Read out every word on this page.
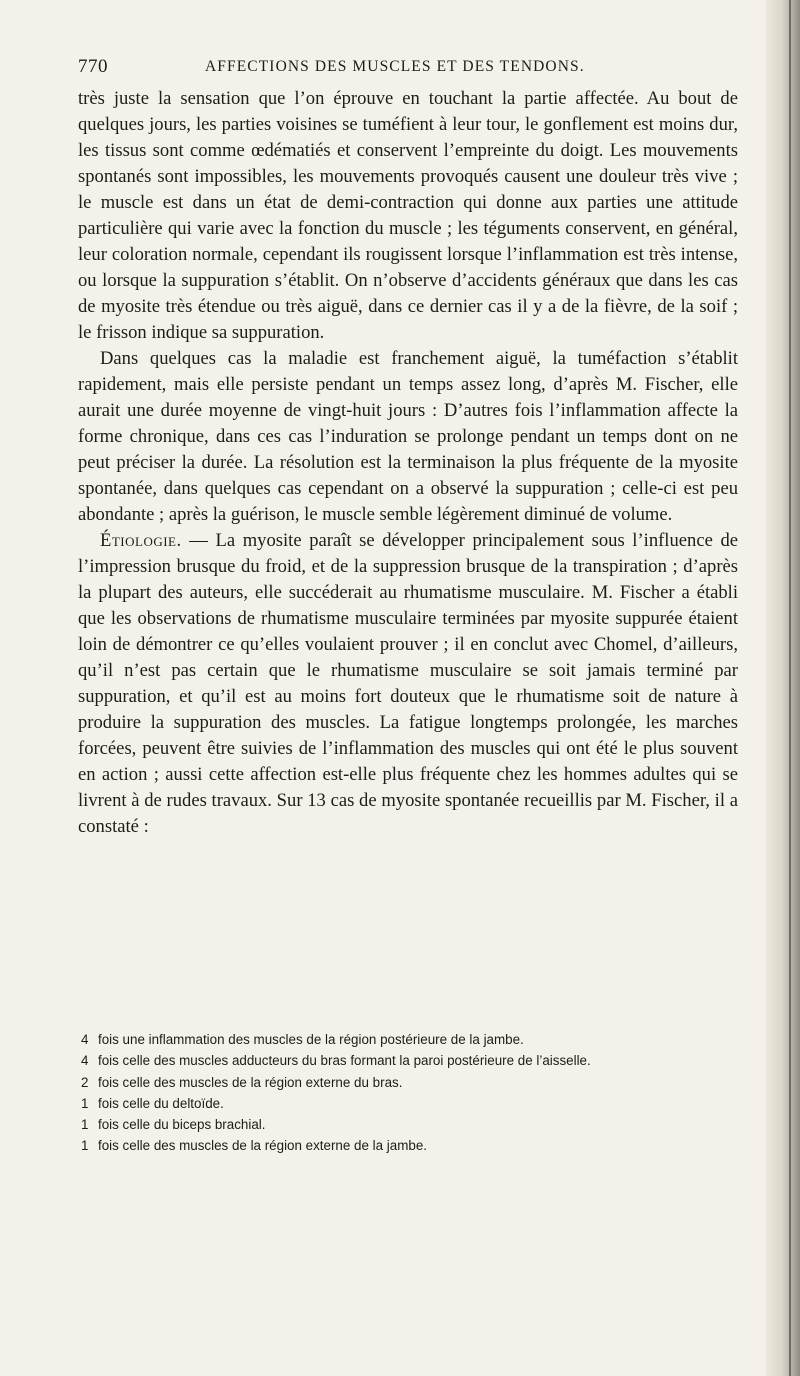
770	AFFECTIONS DES MUSCLES ET DES TENDONS.

très juste la sensation que l’on éprouve en touchant la partie affectée. Au bout de quelques jours, les parties voisines se tuméfient à leur tour, le gonflement est moins dur, les tissus sont comme œdématiés et conservent l’empreinte du doigt. Les mouvements spontanés sont impossibles, les mouvements provoqués causent une douleur très vive ; le muscle est dans un état de demi-contraction qui donne aux parties une attitude particulière qui varie avec la fonction du muscle ; les téguments conservent, en général, leur coloration normale, cependant ils rougissent lorsque l’inflammation est très intense, ou lorsque la suppuration s’établit. On n’observe d’accidents généraux que dans les cas de myosite très étendue ou très aiguë, dans ce dernier cas il y a de la fièvre, de la soif ; le frisson indique sa suppuration.

Dans quelques cas la maladie est franchement aiguë, la tuméfaction s’établit rapidement, mais elle persiste pendant un temps assez long, d’après M. Fischer, elle aurait une durée moyenne de vingt-huit jours : D’autres fois l’inflammation affecte la forme chronique, dans ces cas l’induration se prolonge pendant un temps dont on ne peut préciser la durée. La résolution est la terminaison la plus fréquente de la myosite spontanée, dans quelques cas cependant on a observé la suppuration ; celle-ci est peu abondante ; après la guérison, le muscle semble légèrement diminué de volume.

Étiologie. — La myosite paraît se développer principalement sous l’influence de l’impression brusque du froid, et de la suppression brusque de la transpiration ; d’après la plupart des auteurs, elle succéderait au rhumatisme musculaire. M. Fischer a établi que les observations de rhumatisme musculaire terminées par myosite suppurée étaient loin de démontrer ce qu’elles voulaient prouver ; il en conclut avec Chomel, d’ailleurs, qu’il n’est pas certain que le rhumatisme musculaire se soit jamais terminé par suppuration, et qu’il est au moins fort douteux que le rhumatisme soit de nature à produire la suppuration des muscles. La fatigue longtemps prolongée, les marches forcées, peuvent être suivies de l’inflammation des muscles qui ont été le plus souvent en action ; aussi cette affection est-elle plus fréquente chez les hommes adultes qui se livrent à de rudes travaux. Sur 13 cas de myosite spontanée recueillis par M. Fischer, il a constaté :

4 fois une inflammation des muscles de la région postérieure de la jambe.
4 fois celle des muscles adducteurs du bras formant la paroi postérieure de l’aisselle.
2 fois celle des muscles de la région externe du bras.
1 fois celle du deltoïde.
1 fois celle du biceps brachial.
1 fois celle des muscles de la région externe de la jambe.
